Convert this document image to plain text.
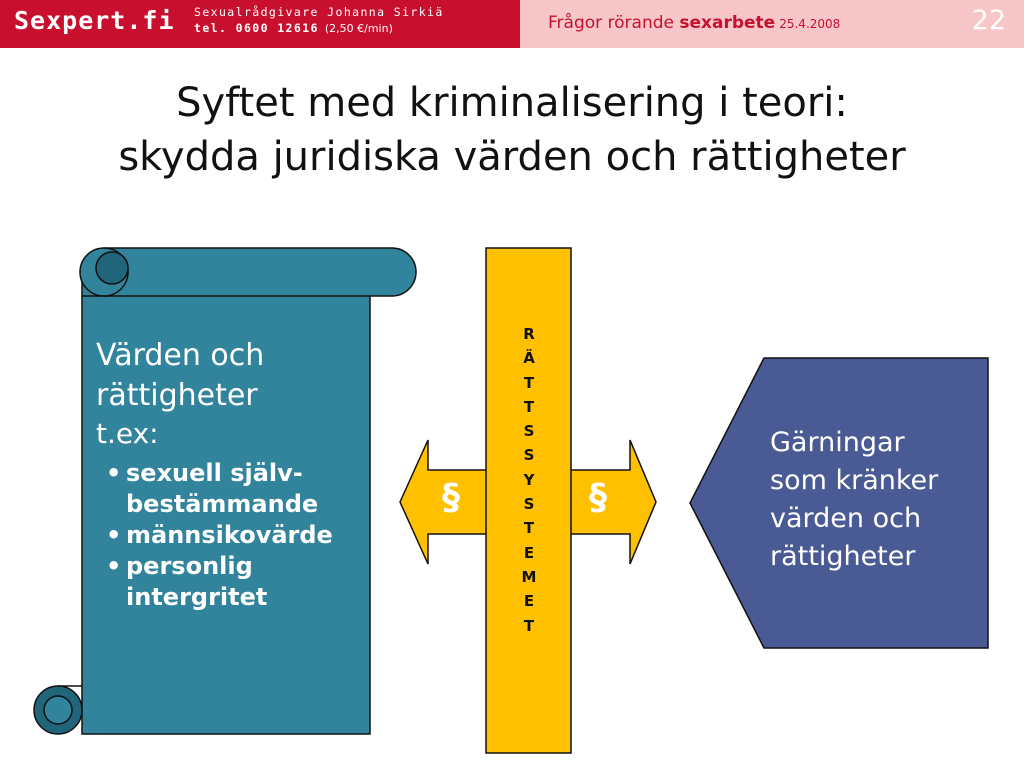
Sexpert.fi Sexualrådgivare Johanna Sirkiä
tel. 0600 12616 (2,50 €/min)	Frågor rörande sexarbete 25.4.2008	22
Syftet med kriminalisering i teori:
skydda juridiska värden och rättigheter
Värden och
rättigheter
t.ex:
• sexuell själv-
bestämmande
• männsikovärde
• personlig
intergritet
R
Ä
T
T
S
S
Y
S
T
E
M
E
T
§	§
Gärningar
som kränker
värden och
rättigheter
